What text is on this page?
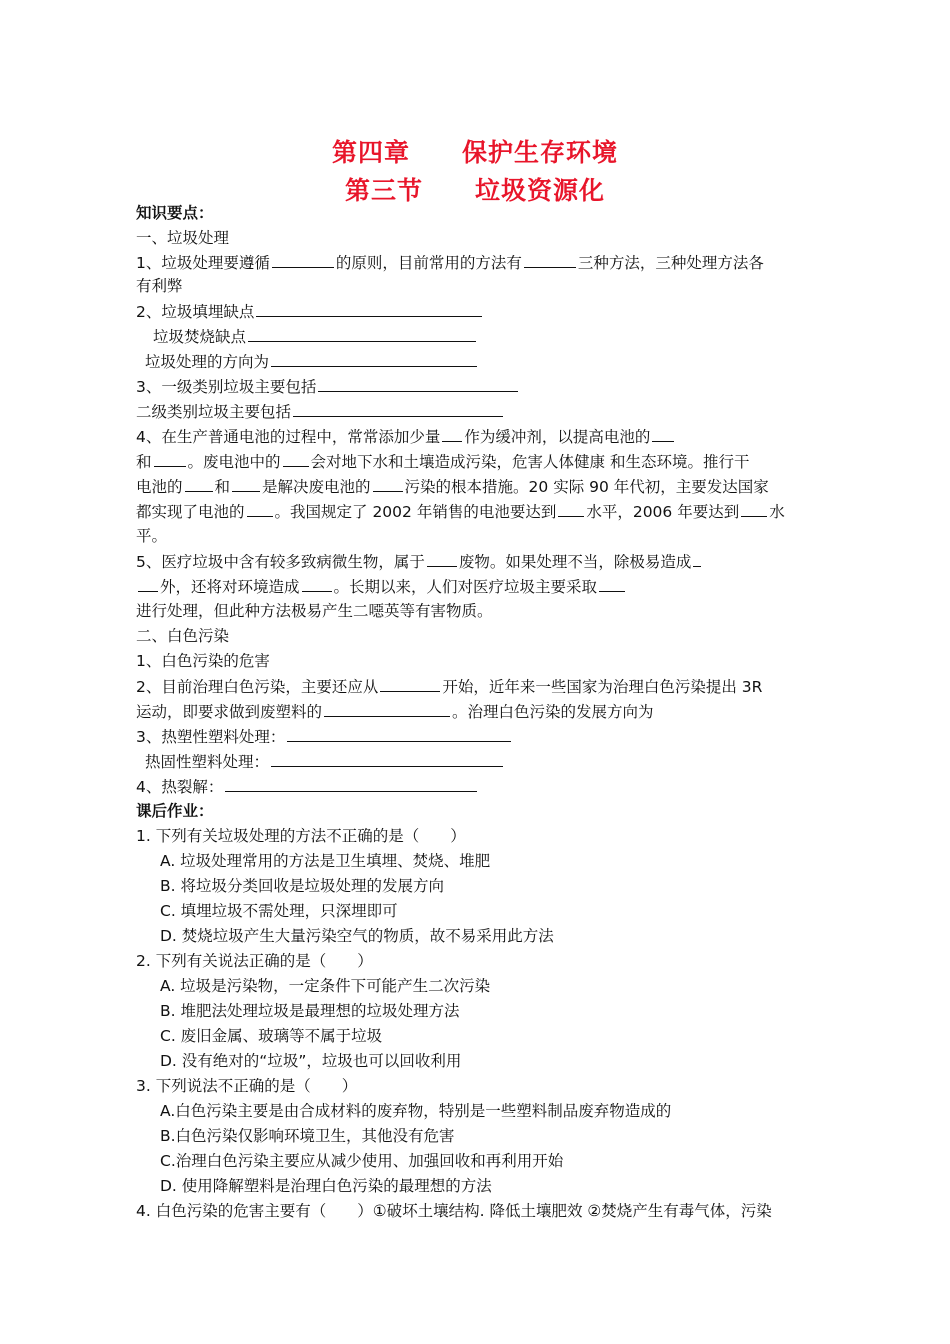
第四章　　保护生存环境
第三节　　垃圾资源化
知识要点：
一、垃圾处理
1、垃圾处理要遵循	的原则，目前常用的方法有	三种方法，三种处理方法各
有利弊
2、垃圾填埋缺点
垃圾焚烧缺点
垃圾处理的方向为
3、一级类别垃圾主要包括
二级类别垃圾主要包括
4、在生产普通电池的过程中，常常添加少量 作为缓冲剂，以提高电池的
和 。废电池中的 会对地下水和土壤造成污染，危害人体健康 和生态环境。推行干
电池的 和 是解决废电池的 污染的根本措施。20 实际 90 年代初，主要发达国家
都实现了电池的 。我国规定了 2002 年销售的电池要达到 水平，2006 年要达到 水
平。
5、医疗垃圾中含有较多致病微生物，属于 废物。如果处理不当，除极易造成
外，还将对环境造成 。长期以来，人们对医疗垃圾主要采取
进行处理，但此种方法极易产生二噁英等有害物质。
二、白色污染
1、白色污染的危害
2、目前治理白色污染，主要还应从	开始，近年来一些国家为治理白色污染提出 3R
运动，即要求做到废塑料的	。治理白色污染的发展方向为
3、热塑性塑料处理：
热固性塑料处理：
4、热裂解：
课后作业：
1. 下列有关垃圾处理的方法不正确的是（　　）
A. 垃圾处理常用的方法是卫生填埋、焚烧、堆肥
B. 将垃圾分类回收是垃圾处理的发展方向
C. 填埋垃圾不需处理，只深埋即可
D. 焚烧垃圾产生大量污染空气的物质，故不易采用此方法
2. 下列有关说法正确的是（　　）
A. 垃圾是污染物，一定条件下可能产生二次污染
B. 堆肥法处理垃圾是最理想的垃圾处理方法
C. 废旧金属、玻璃等不属于垃圾
D. 没有绝对的“垃圾”，垃圾也可以回收利用
3. 下列说法不正确的是（　　）
A.白色污染主要是由合成材料的废弃物，特别是一些塑料制品废弃物造成的
B.白色污染仅影响环境卫生，其他没有危害
C.治理白色污染主要应从减少使用、加强回收和再利用开始
D. 使用降解塑料是治理白色污染的最理想的方法
4. 白色污染的危害主要有（　　）①破坏土壤结构. 降低土壤肥效 ②焚烧产生有毒气体，污染
